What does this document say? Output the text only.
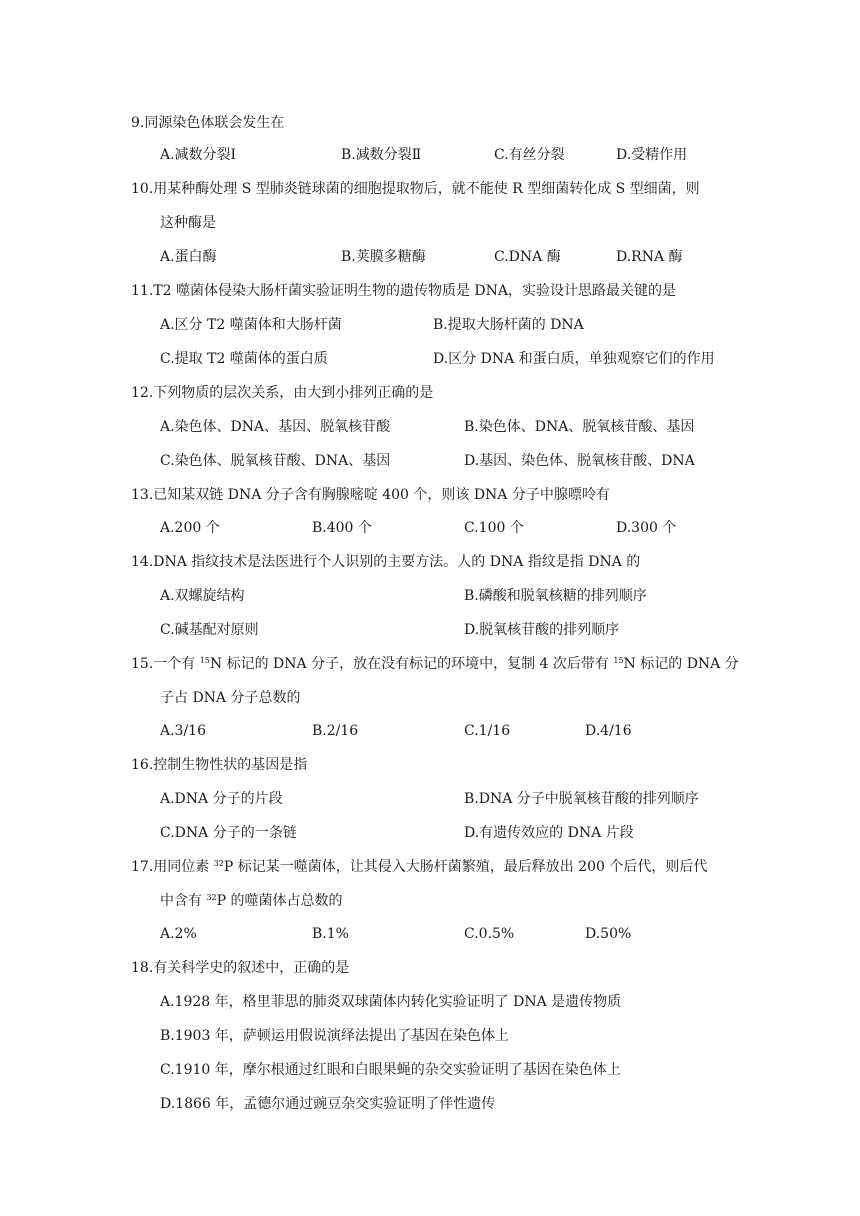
9.同源染色体联会发生在
A.减数分裂Ⅰ	B.减数分裂Ⅱ	C.有丝分裂	D.受精作用
10.用某种酶处理 S 型肺炎链球菌的细胞提取物后，就不能使 R 型细菌转化成 S 型细菌，则
这种酶是
A.蛋白酶	B.荚膜多糖酶	C.DNA 酶	D.RNA 酶
11.T2 噬菌体侵染大肠杆菌实验证明生物的遗传物质是 DNA，实验设计思路最关键的是
A.区分 T2 噬菌体和大肠杆菌	B.提取大肠杆菌的 DNA
C.提取 T2 噬菌体的蛋白质	D.区分 DNA 和蛋白质，单独观察它们的作用
12.下列物质的层次关系，由大到小排列正确的是
A.染色体、DNA、基因、脱氧核苷酸	B.染色体、DNA、脱氧核苷酸、基因
C.染色体、脱氧核苷酸、DNA、基因	D.基因、染色体、脱氧核苷酸、DNA
13.已知某双链 DNA 分子含有胸腺嘧啶 400 个，则该 DNA 分子中腺嘌呤有
A.200 个	B.400 个	C.100 个	D.300 个
14.DNA 指纹技术是法医进行个人识别的主要方法。人的 DNA 指纹是指 DNA 的
A.双螺旋结构	B.磷酸和脱氧核糖的排列顺序
C.碱基配对原则	D.脱氧核苷酸的排列顺序
15.一个有 $^{15}$N 标记的 DNA 分子，放在没有标记的环境中，复制 4 次后带有 $^{15}$N 标记的 DNA 分
子占 DNA 分子总数的
A.3/16	B.2/16	C.1/16	D.4/16
16.控制生物性状的基因是指
A.DNA 分子的片段	B.DNA 分子中脱氧核苷酸的排列顺序
C.DNA 分子的一条链	D.有遗传效应的 DNA 片段
17.用同位素 $^{32}$P 标记某一噬菌体，让其侵入大肠杆菌繁殖，最后释放出 200 个后代，则后代
中含有 $^{32}$P 的噬菌体占总数的
A.2%	B.1%	C.0.5%	D.50%
18.有关科学史的叙述中，正确的是
A.1928 年，格里菲思的肺炎双球菌体内转化实验证明了 DNA 是遗传物质
B.1903 年，萨顿运用假说演绎法提出了基因在染色体上
C.1910 年，摩尔根通过红眼和白眼果蝇的杂交实验证明了基因在染色体上
D.1866 年，孟德尔通过豌豆杂交实验证明了伴性遗传
